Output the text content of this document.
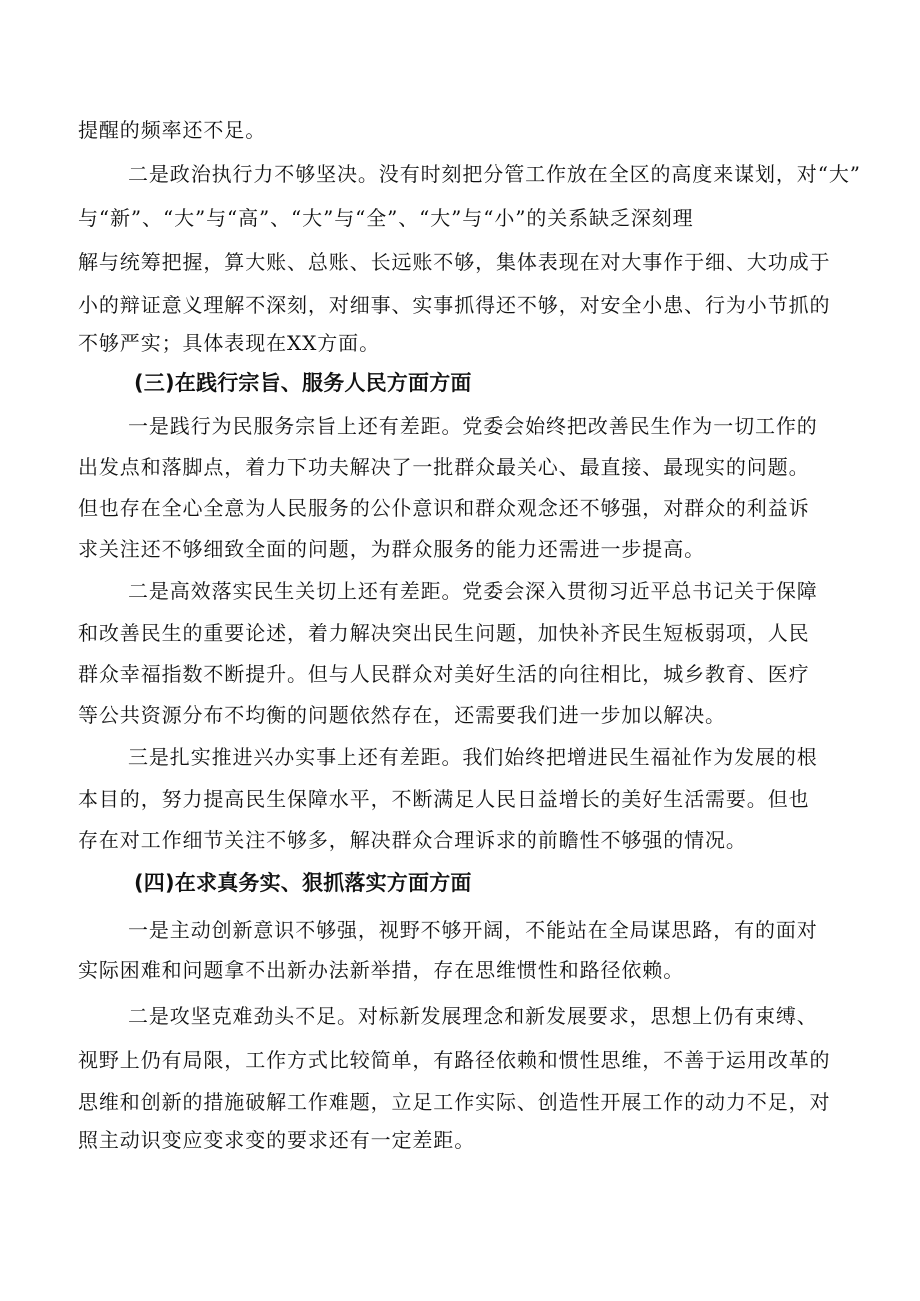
提醒的频率还不足。
二是政治执行力不够坚决。没有时刻把分管工作放在全区的高度来谋划，对“大”
与“新”、“大”与“高”、“大”与“全”、“大”与“小”的关系缺乏深刻理
解与统筹把握，算大账、总账、长远账不够，集体表现在对大事作于细、大功成于
小的辩证意义理解不深刻，对细事、实事抓得还不够，对安全小患、行为小节抓的
不够严实；具体表现在XX方面。
(三)在践行宗旨、服务人民方面方面
一是践行为民服务宗旨上还有差距。党委会始终把改善民生作为一切工作的
出发点和落脚点，着力下功夫解决了一批群众最关心、最直接、最现实的问题。
但也存在全心全意为人民服务的公仆意识和群众观念还不够强，对群众的利益诉
求关注还不够细致全面的问题，为群众服务的能力还需进一步提高。
二是高效落实民生关切上还有差距。党委会深入贯彻习近平总书记关于保障
和改善民生的重要论述，着力解决突出民生问题，加快补齐民生短板弱项，人民
群众幸福指数不断提升。但与人民群众对美好生活的向往相比，城乡教育、医疗
等公共资源分布不均衡的问题依然存在，还需要我们进一步加以解决。
三是扎实推进兴办实事上还有差距。我们始终把增进民生福祉作为发展的根
本目的，努力提高民生保障水平，不断满足人民日益增长的美好生活需要。但也
存在对工作细节关注不够多，解决群众合理诉求的前瞻性不够强的情况。
(四)在求真务实、狠抓落实方面方面
一是主动创新意识不够强，视野不够开阔，不能站在全局谋思路，有的面对
实际困难和问题拿不出新办法新举措，存在思维惯性和路径依赖。
二是攻坚克难劲头不足。对标新发展理念和新发展要求，思想上仍有束缚、
视野上仍有局限，工作方式比较简单，有路径依赖和惯性思维，不善于运用改革的
思维和创新的措施破解工作难题，立足工作实际、创造性开展工作的动力不足，对
照主动识变应变求变的要求还有一定差距。
